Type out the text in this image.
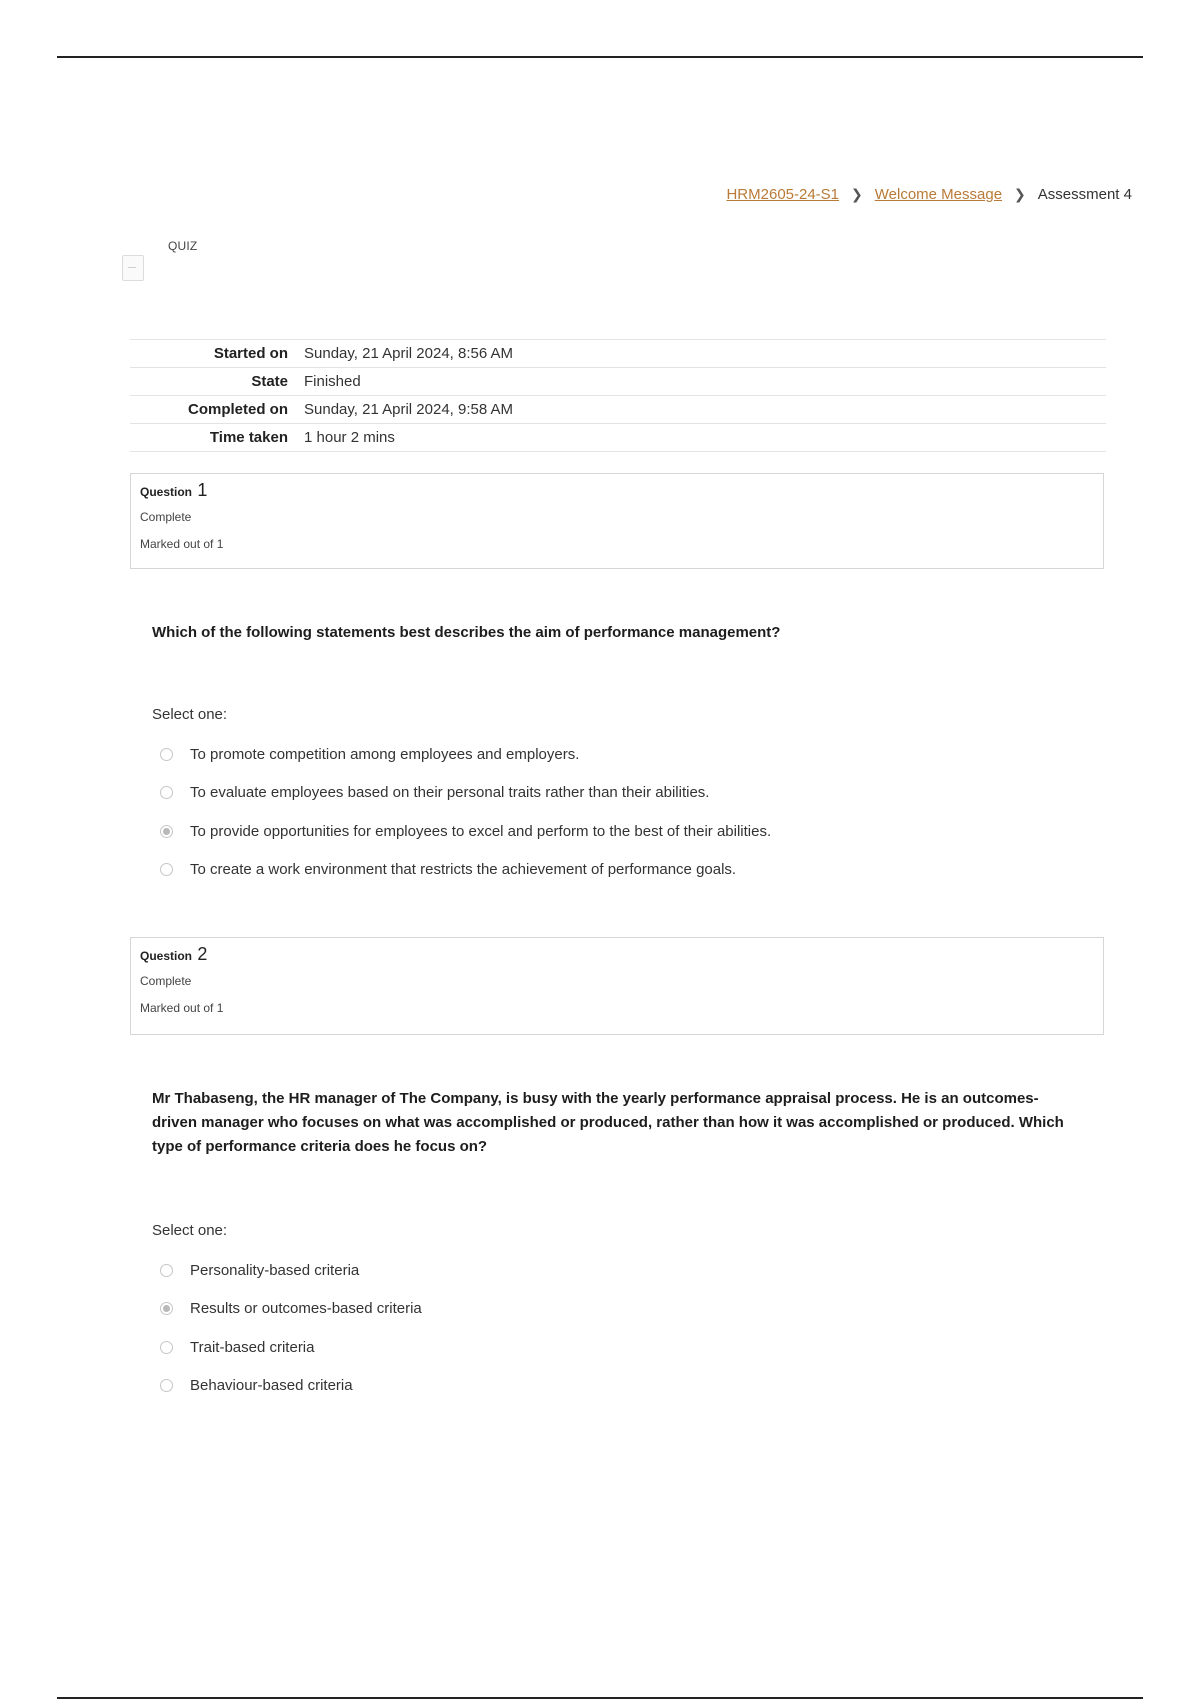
HRM2605-24-S1 ❯ Welcome Message ❯ Assessment 4
QUIZ
Started on	Sunday, 21 April 2024, 8:56 AM
State	Finished
Completed on	Sunday, 21 April 2024, 9:58 AM
Time taken	1 hour 2 mins
Question 1
Complete
Marked out of 1
Which of the following statements best describes the aim of performance management?
Select one:
To promote competition among employees and employers.
To evaluate employees based on their personal traits rather than their abilities.
To provide opportunities for employees to excel and perform to the best of their abilities.
To create a work environment that restricts the achievement of performance goals.
Question 2
Complete
Marked out of 1
Mr Thabaseng, the HR manager of The Company, is busy with the yearly performance appraisal process. He is an outcomes-driven manager who focuses on what was accomplished or produced, rather than how it was accomplished or produced. Which type of performance criteria does he focus on?
Select one:
Personality-based criteria
Results or outcomes-based criteria
Trait-based criteria
Behaviour-based criteria
